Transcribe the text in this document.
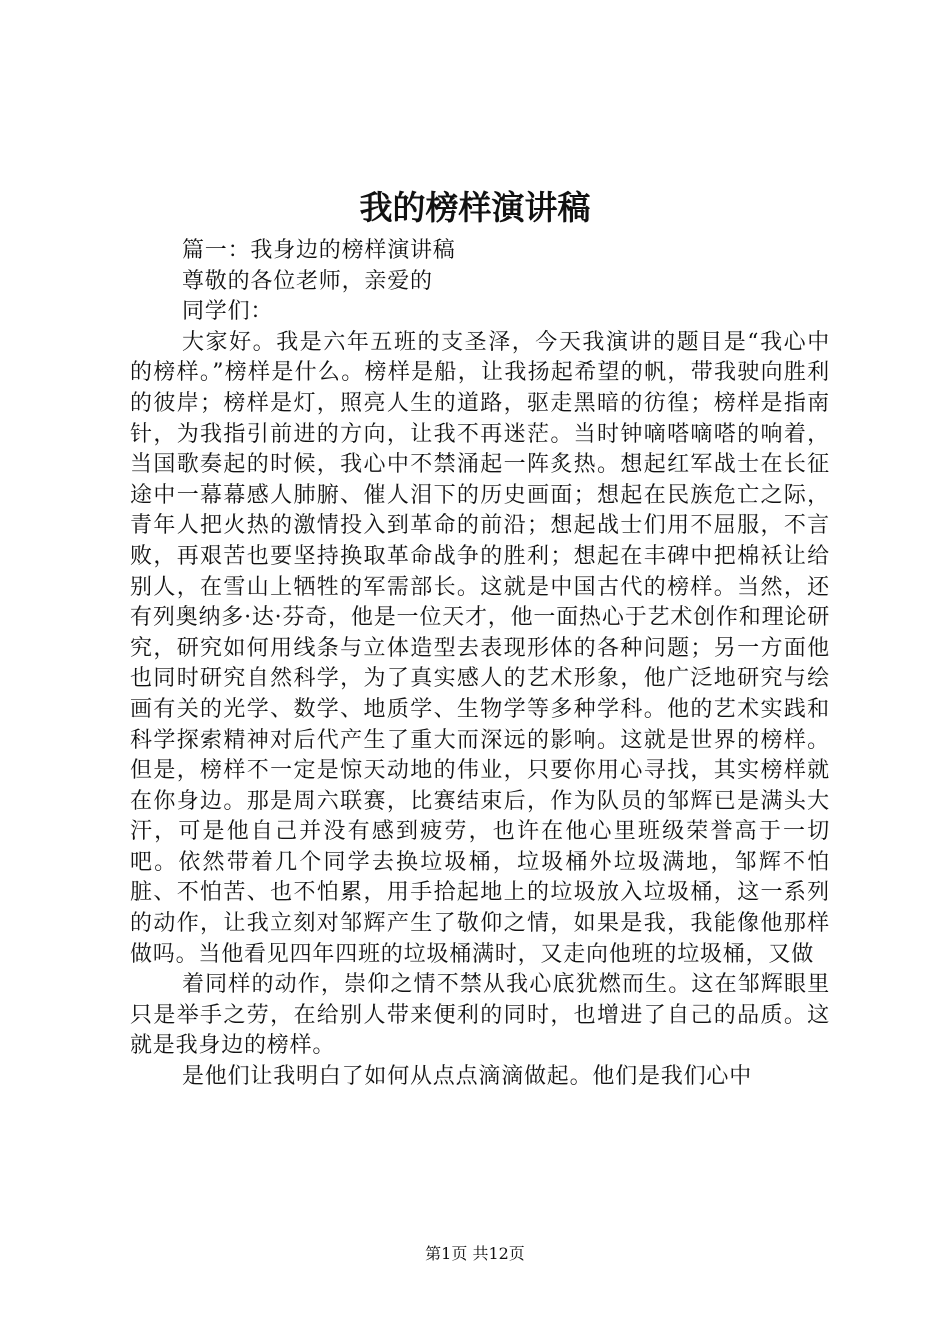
我的榜样演讲稿

篇一：我身边的榜样演讲稿

尊敬的各位老师，亲爱的

同学们：

大家好。我是六年五班的支圣泽，今天我演讲的题目是“我心中的榜样。”榜样是什么。榜样是船，让我扬起希望的帆，带我驶向胜利的彼岸；榜样是灯，照亮人生的道路，驱走黑暗的彷徨；榜样是指南针，为我指引前进的方向，让我不再迷茫。当时钟嘀嗒嘀嗒的响着，当国歌奏起的时候，我心中不禁涌起一阵炙热。想起红军战士在长征途中一幕幕感人肺腑、催人泪下的历史画面；想起在民族危亡之际，青年人把火热的激情投入到革命的前沿；想起战士们用不屈服，不言败，再艰苦也要坚持换取革命战争的胜利；想起在丰碑中把棉袄让给别人，在雪山上牺牲的军需部长。这就是中国古代的榜样。当然，还有列奥纳多·达·芬奇，他是一位天才，他一面热心于艺术创作和理论研究，研究如何用线条与立体造型去表现形体的各种问题；另一方面他也同时研究自然科学，为了真实感人的艺术形象，他广泛地研究与绘画有关的光学、数学、地质学、生物学等多种学科。他的艺术实践和科学探索精神对后代产生了重大而深远的影响。这就是世界的榜样。但是，榜样不一定是惊天动地的伟业，只要你用心寻找，其实榜样就在你身边。那是周六联赛，比赛结束后，作为队员的邹辉已是满头大汗，可是他自己并没有感到疲劳，也许在他心里班级荣誉高于一切吧。依然带着几个同学去换垃圾桶，垃圾桶外垃圾满地，邹辉不怕脏、不怕苦、也不怕累，用手拾起地上的垃圾放入垃圾桶，这一系列的动作，让我立刻对邹辉产生了敬仰之情，如果是我，我能像他那样做吗。当他看见四年四班的垃圾桶满时，又走向他班的垃圾桶，又做

着同样的动作，崇仰之情不禁从我心底犹燃而生。这在邹辉眼里只是举手之劳，在给别人带来便利的同时，也增进了自己的品质。这就是我身边的榜样。

是他们让我明白了如何从点点滴滴做起。他们是我们心中

第1页 共12页
